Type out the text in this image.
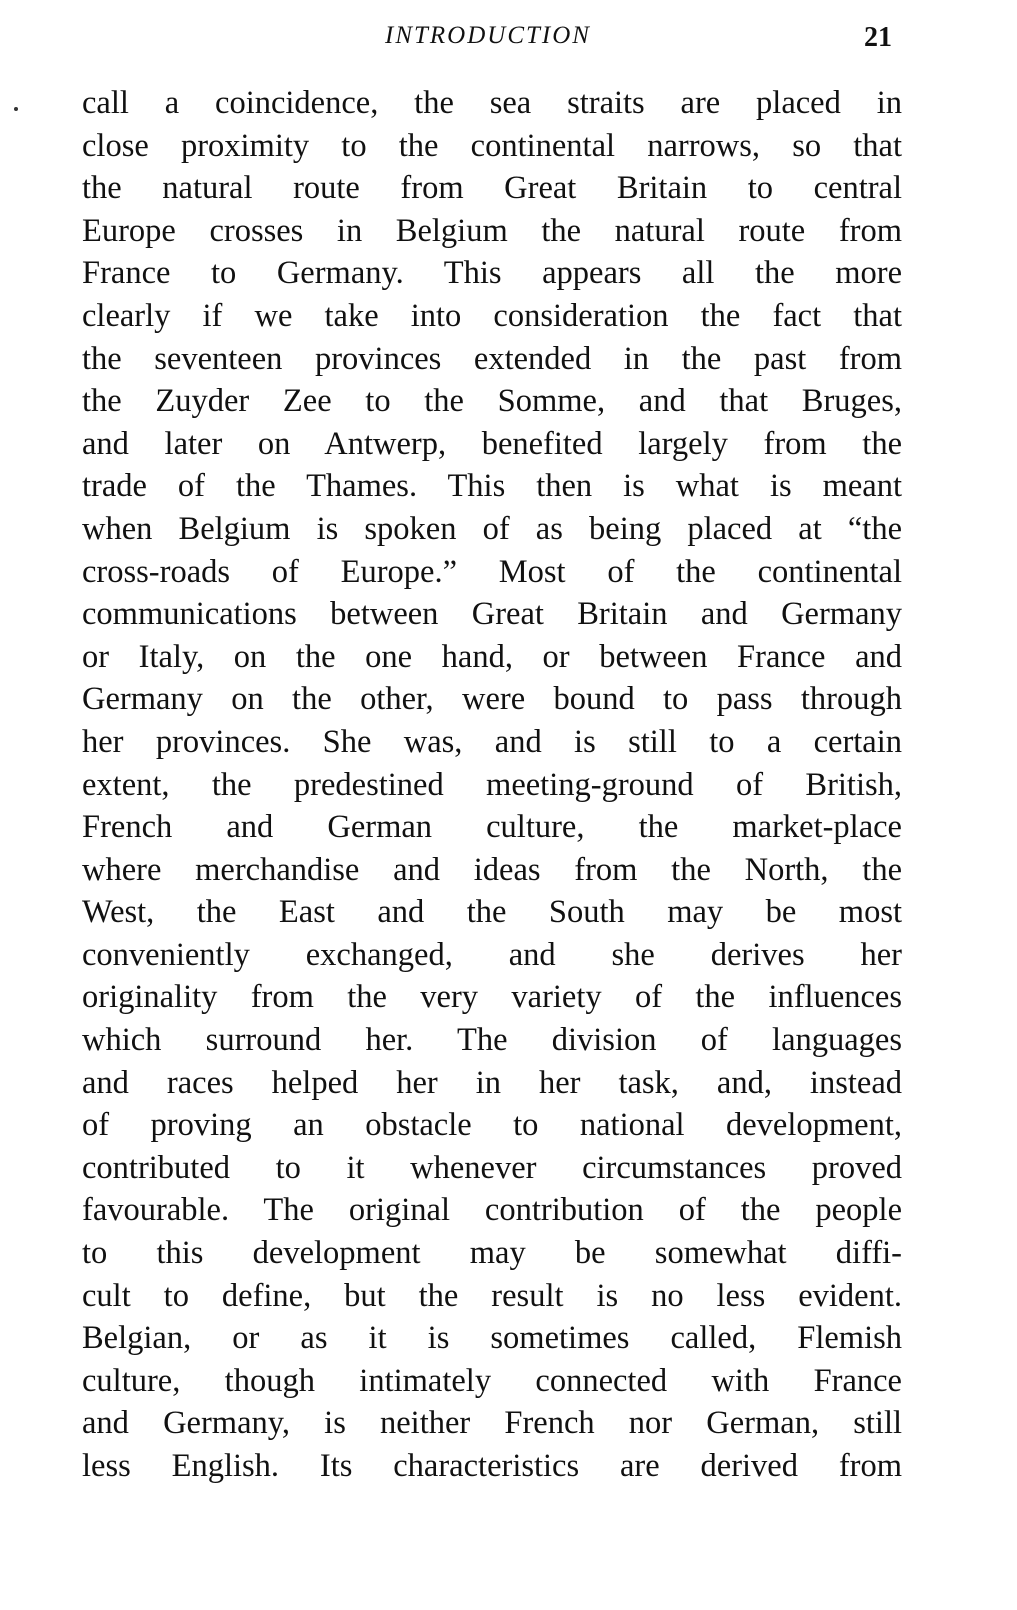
INTRODUCTION	21
call a coincidence, the sea straits are placed in
close proximity to the continental narrows, so that
the natural route from Great Britain to central
Europe crosses in Belgium the natural route from
France to Germany. This appears all the more
clearly if we take into consideration the fact that
the seventeen provinces extended in the past from
the Zuyder Zee to the Somme, and that Bruges,
and later on Antwerp, benefited largely from the
trade of the Thames. This then is what is meant
when Belgium is spoken of as being placed at “the
cross-roads of Europe.” Most of the continental
communications between Great Britain and Germany
or Italy, on the one hand, or between France and
Germany on the other, were bound to pass through
her provinces. She was, and is still to a certain
extent, the predestined meeting-ground of British,
French and German culture, the market-place
where merchandise and ideas from the North, the
West, the East and the South may be most
conveniently exchanged, and she derives her
originality from the very variety of the influences
which surround her. The division of languages
and races helped her in her task, and, instead
of proving an obstacle to national development,
contributed to it whenever circumstances proved
favourable. The original contribution of the people
to this development may be somewhat diffi-
cult to define, but the result is no less evident.
Belgian, or as it is sometimes called, Flemish
culture, though intimately connected with France
and Germany, is neither French nor German, still
less English. Its characteristics are derived from
